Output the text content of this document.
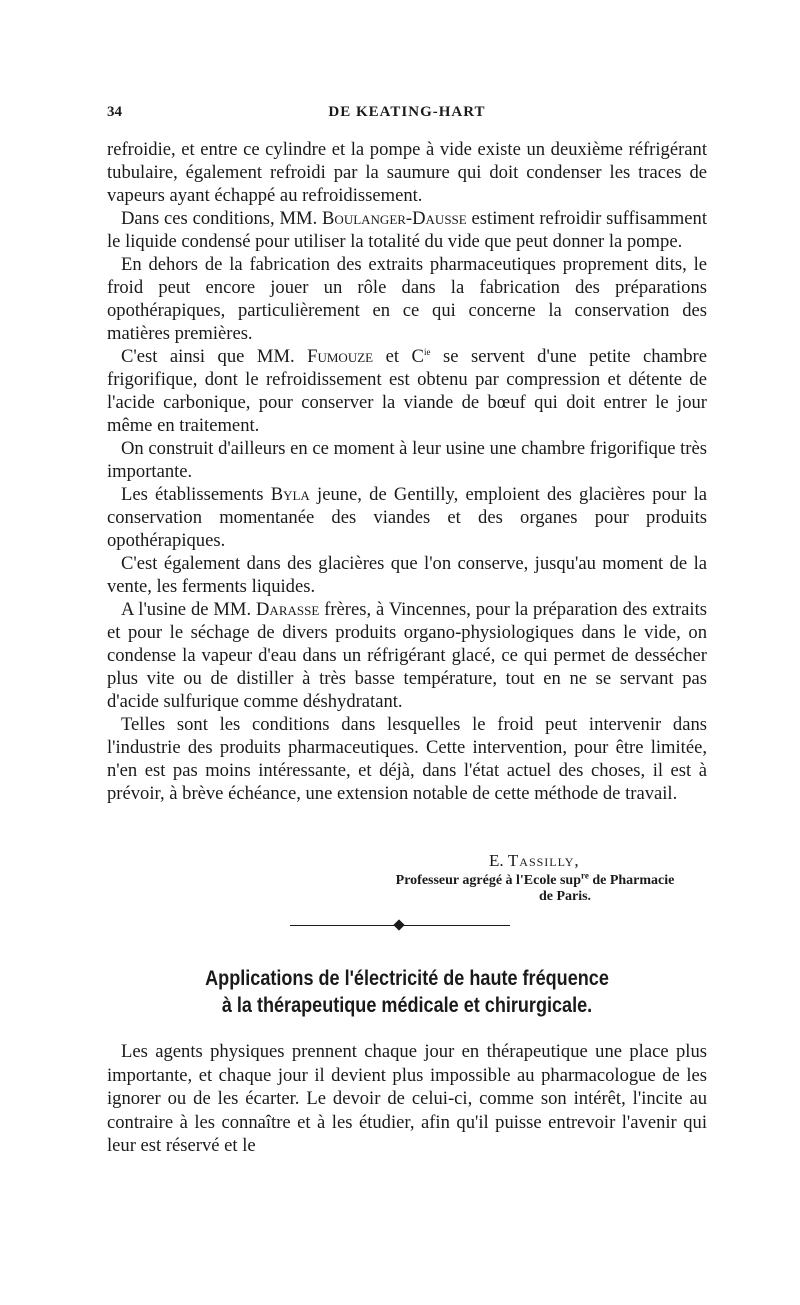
34	DE KEATING-HART

refroidie, et entre ce cylindre et la pompe à vide existe un deuxième réfrigérant tubulaire, également refroidi par la saumure qui doit condenser les traces de vapeurs ayant échappé au refroidissement.

Dans ces conditions, MM. Boulanger-Dausse estiment refroidir suffisamment le liquide condensé pour utiliser la totalité du vide que peut donner la pompe.

En dehors de la fabrication des extraits pharmaceutiques proprement dits, le froid peut encore jouer un rôle dans la fabrication des préparations opothérapiques, particulièrement en ce qui concerne la conservation des matières premières.

C'est ainsi que MM. Fumouze et $C^{ie}$ se servent d'une petite chambre frigorifique, dont le refroidissement est obtenu par compression et détente de l'acide carbonique, pour conserver la viande de bœuf qui doit entrer le jour même en traitement.

On construit d'ailleurs en ce moment à leur usine une chambre frigorifique très importante.

Les établissements Byla jeune, de Gentilly, emploient des glacières pour la conservation momentanée des viandes et des organes pour produits opothérapiques.

C'est également dans des glacières que l'on conserve, jusqu'au moment de la vente, les ferments liquides.

A l'usine de MM. Darasse frères, à Vincennes, pour la préparation des extraits et pour le séchage de divers produits organo-physiologiques dans le vide, on condense la vapeur d'eau dans un réfrigérant glacé, ce qui permet de dessécher plus vite ou de distiller à très basse température, tout en ne se servant pas d'acide sulfurique comme déshydratant.

Telles sont les conditions dans lesquelles le froid peut intervenir dans l'industrie des produits pharmaceutiques. Cette intervention, pour être limitée, n'en est pas moins intéressante, et déjà, dans l'état actuel des choses, il est à prévoir, à brève échéance, une extension notable de cette méthode de travail.

E. Tassilly,
Professeur agrégé à l'Ecole sup$^{re}$ de Pharmacie
de Paris.
Applications de l'électricité de haute fréquence
à la thérapeutique médicale et chirurgicale.

Les agents physiques prennent chaque jour en thérapeutique une place plus importante, et chaque jour il devient plus impossible au pharmacologue de les ignorer ou de les écarter. Le devoir de celui-ci, comme son intérêt, l'incite au contraire à les connaître et à les étudier, afin qu'il puisse entrevoir l'avenir qui leur est réservé et le
